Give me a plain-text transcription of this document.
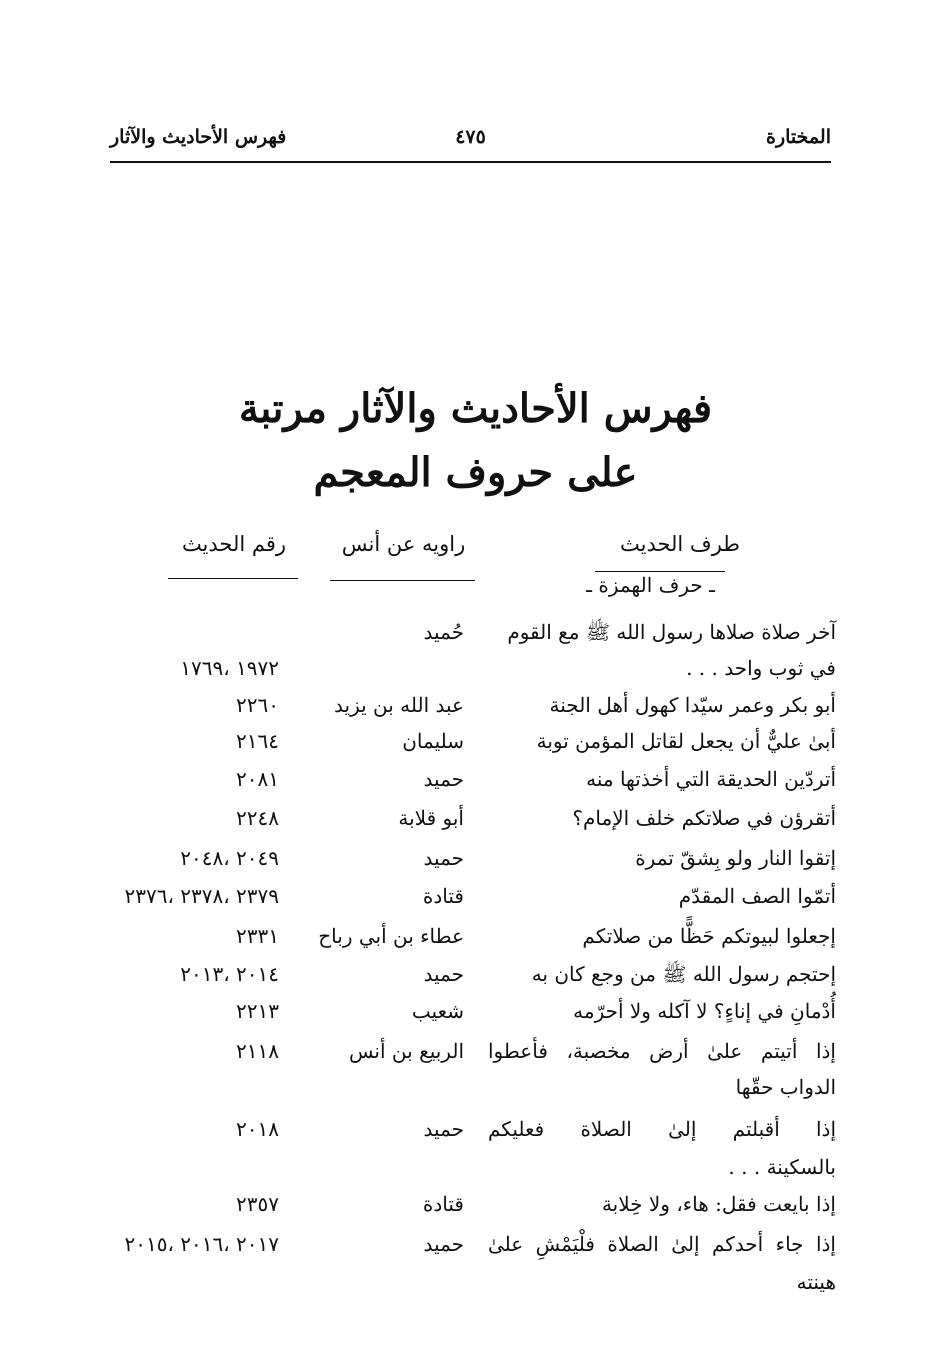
المختارة
٤٧٥
فهرس الأحاديث والآثار
فهرس الأحاديث والآثار مرتبة
على حروف المعجم
طرف الحديث
راويه عن أنس
رقم الحديث
ـ حرف الهمزة ـ
آخر صلاة صلاها رسول الله ﷺ مع القوم
حُميد
في ثوب واحد . . .
١٩٧٢ ،١٧٦٩
أبو بكر وعمر سيّدا كهول أهل الجنة
عبد الله بن يزيد
٢٢٦٠
أبىٰ عليٌّ أن يجعل لقاتل المؤمن توبة
سليمان
٢١٦٤
أتردّين الحديقة التي أخذتها منه
حميد
٢٠٨١
أتقرؤن في صلاتكم خلف الإمام؟
أبو قلابة
٢٢٤٨
إتقوا النار ولو بِشقّ تمرة
حميد
٢٠٤٩ ،٢٠٤٨
أتمّوا الصف المقدّم
قتادة
٢٣٧٩ ،٢٣٧٨ ،٢٣٧٦
إجعلوا لبيوتكم حَظًّا من صلاتكم
عطاء بن أبي رباح
٢٣٣١
إحتجم رسول الله ﷺ من وجع كان به
حميد
٢٠١٤ ،٢٠١٣
أُدْمانِ في إناءٍ؟ لا آكله ولا أحرّمه
شعيب
٢٢١٣
إذا أتيتم علىٰ أرض مخصبة، فأعطوا
الربيع بن أنس
٢١١٨
الدواب حقّها
إذا أقبلتم إلىٰ الصلاة فعليكم
حميد
٢٠١٨
بالسكينة . . .
إذا بايعت فقل: هاء، ولا خِلابة
قتادة
٢٣٥٧
إذا جاء أحدكم إلىٰ الصلاة فلْيَمْشِ علىٰ
حميد
٢٠١٧ ،٢٠١٦ ،٢٠١٥
هينته
